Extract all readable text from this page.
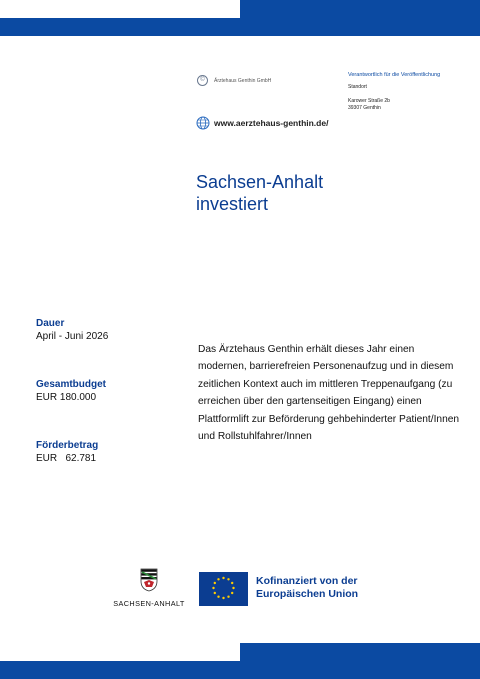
©	Ärztehaus Genthin GmbH
www.aerztehaus-genthin.de/
Verantwortlich für die Veröffentlichung
Standort
Karower Straße 2b
39307 Genthin
Sachsen-Anhalt
investiert
Dauer
April - Juni 2026
Gesamtbudget
EUR 180.000
Förderbetrag
EUR   62.781
Das Ärztehaus Genthin erhält dieses Jahr einen modernen, barrierefreien Personenaufzug und in diesem zeitlichen Kontext auch im mittleren Treppenaufgang (zu erreichen über den gartenseitigen Eingang) einen Plattformlift zur Beförderung gehbehinderter Patient/Innen und Rollstuhlfahrer/Innen
SACHSEN-ANHALT
Kofinanziert von der
Europäischen Union
